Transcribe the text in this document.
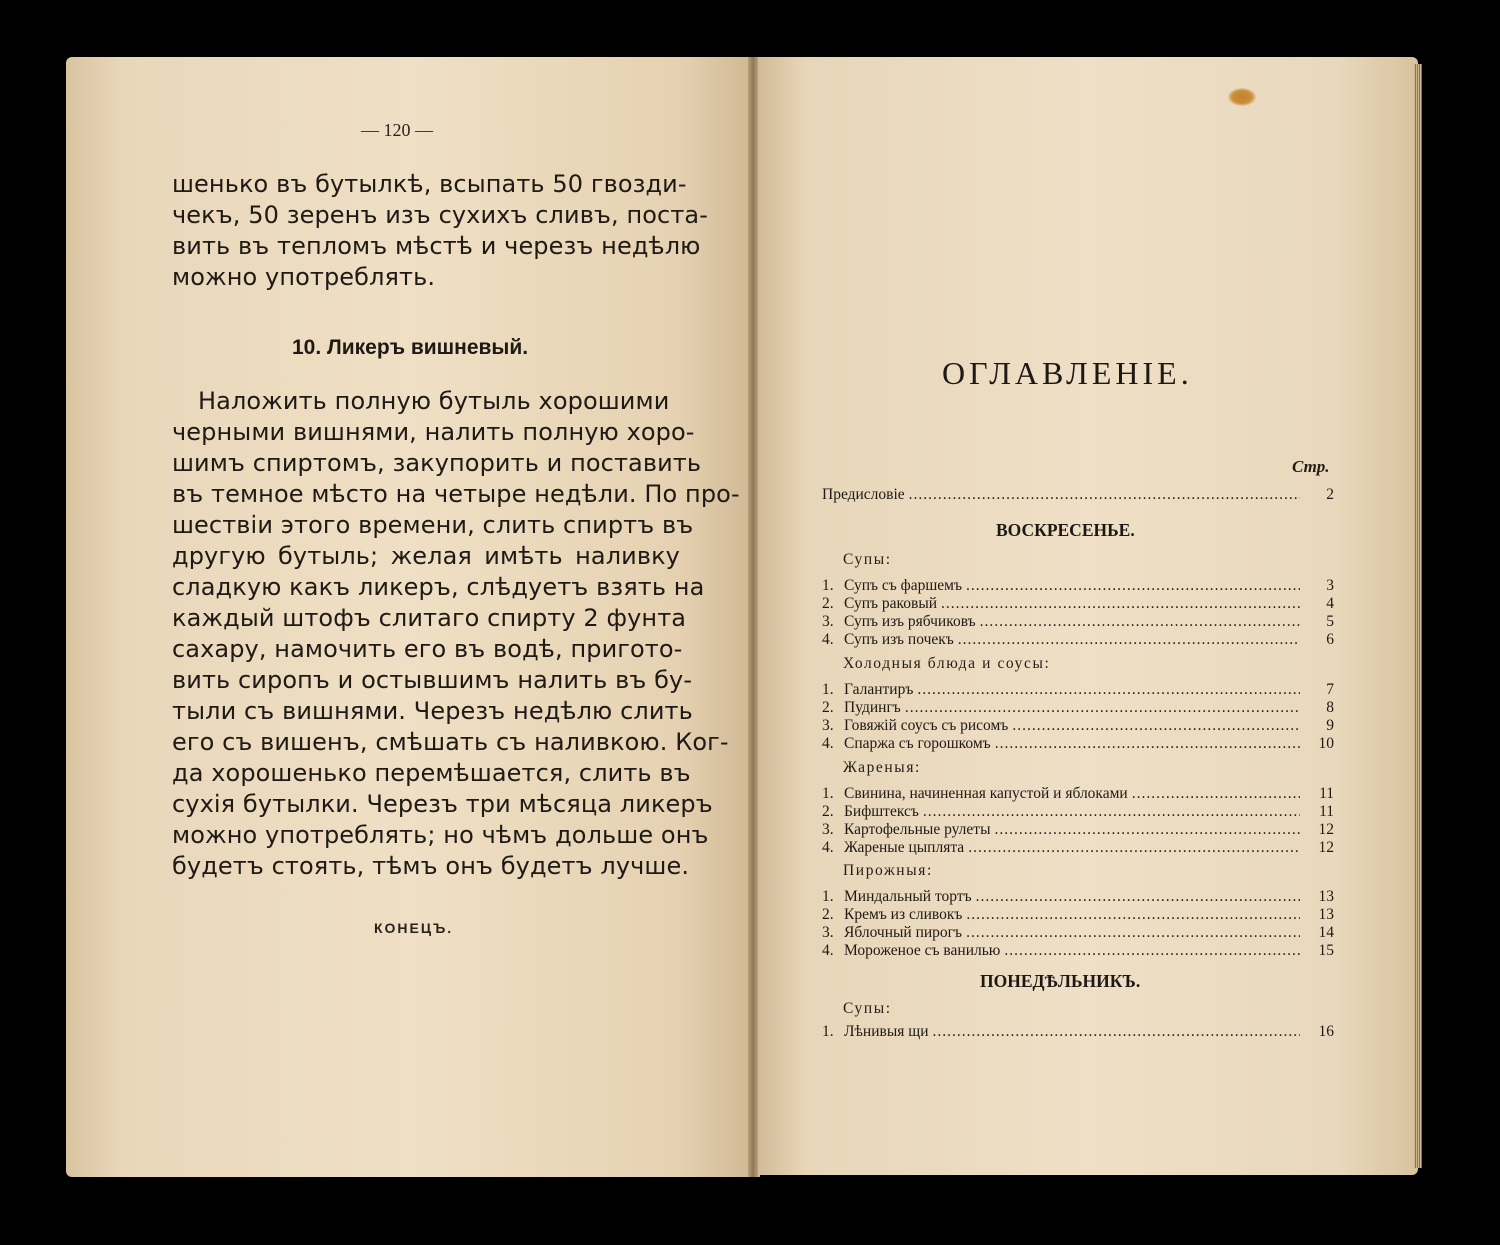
— 120 —
шенько въ бутылкѣ, всыпать 50 гвозди-
чекъ, 50 зеренъ изъ сухихъ сливъ, поста-
вить въ тепломъ мѣстѣ и черезъ недѣлю
можно употреблять.
10. Ликеръ вишневый.
Наложить полную бутыль хорошими
черными вишнями, налить полную хоро-
шимъ спиртомъ, закупорить и поставить
въ темное мѣсто на четыре недѣли. По про-
шествіи этого времени, слить спиртъ въ
другую бутыль; желая имѣть наливку
сладкую какъ ликеръ, слѣдуетъ взять на
каждый штофъ слитаго спирту 2 фунта
сахару, намочить его въ водѣ, пригото-
вить сиропъ и остывшимъ налить въ бу-
тыли съ вишнями. Черезъ недѣлю слить
его съ вишенъ, смѣшать съ наливкою. Ког-
да хорошенько перемѣшается, слить въ
сухія бутылки. Черезъ три мѣсяца ликеръ
можно употреблять; но чѣмъ дольше онъ
будетъ стоять, тѣмъ онъ будетъ лучше.
КОНЕЦЪ.
ОГЛАВЛЕНІЕ.
Стр.
Предисловіе .....	2
ВОСКРЕСЕНЬЕ.
Супы:
1. Супъ съ фаршемъ .....	3
2. Супъ раковый .....	4
3. Супъ изъ рябчиковъ .....	5
4. Супъ изъ почекъ .....	6
Холодныя блюда и соусы:
1. Галантиръ .....	7
2. Пудингъ .....	8
3. Говяжій соусъ съ рисомъ .....	9
4. Спаржа съ горошкомъ .....	10
Жареныя:
1. Свинина, начиненная капустой и яблоками .....	11
2. Бифштексъ .....	11
3. Картофельные рулеты .....	12
4. Жареные цыплята .....	12
Пирожныя:
1. Миндальный тортъ .....	13
2. Кремъ из сливокъ .....	13
3. Яблочный пирогъ .....	14
4. Мороженое съ ванилью .....	15
ПОНЕДѢЛЬНИКЪ.
Супы:
1. Лѣнивыя щи .....	16
